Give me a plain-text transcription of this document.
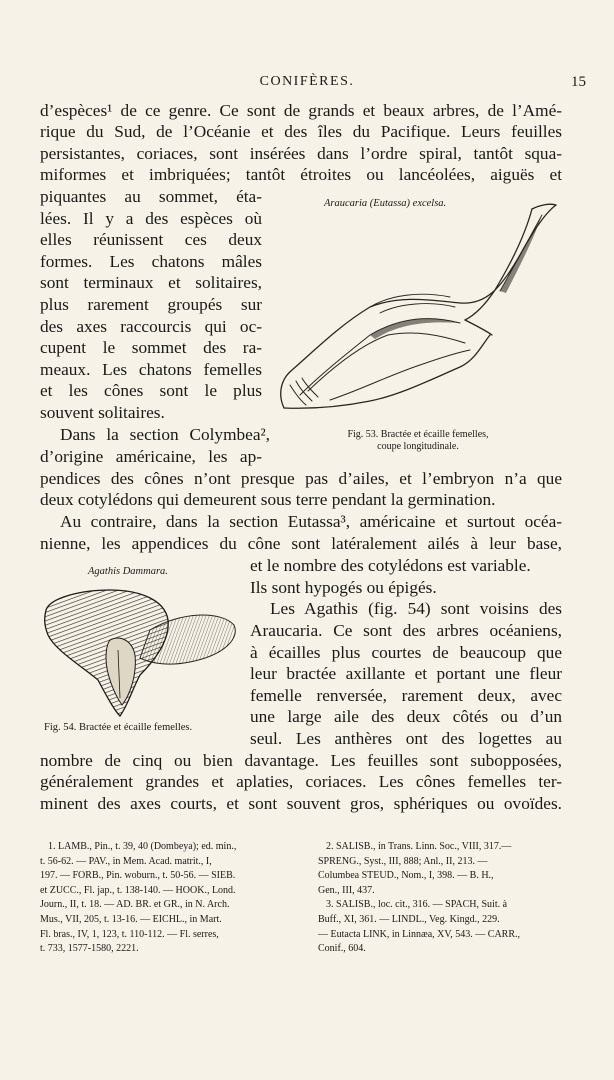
CONIFÈRES.	15
d’espèces¹ de ce genre. Ce sont de grands et beaux arbres, de l’Amé-
rique du Sud, de l’Océanie et des îles du Pacifique. Leurs feuilles
persistantes, coriaces, sont insérées dans l’ordre spiral, tantôt squa-
miformes et imbriquées; tantôt étroites ou lancéolées, aiguës et
piquantes au sommet, éta-
lées. Il y a des espèces où
elles réunissent ces deux
formes. Les chatons mâles
sont terminaux et solitaires,
plus rarement groupés sur
des axes raccourcis qui oc-
cupent le sommet des ra-
meaux. Les chatons femelles
et les cônes sont le plus
souvent solitaires.
Dans la section Colymbea²,
d’origine américaine, les ap-
pendices des cônes n’ont presque pas d’ailes, et l’embryon n’a que
deux cotylédons qui demeurent sous terre pendant la germination.
Au contraire, dans la section Eutassa³, américaine et surtout océa-
nienne, les appendices du cône sont latéralement ailés à leur base,
et le nombre des cotylédons est variable.
Ils sont hypogés ou épigés.
Les Agathis (fig. 54) sont voisins des
Araucaria. Ce sont des arbres océaniens,
à écailles plus courtes de beaucoup que
leur bractée axillante et portant une fleur
femelle renversée, rarement deux, avec
une large aile des deux côtés ou d’un
seul. Les anthères ont des logettes au
nombre de cinq ou bien davantage. Les feuilles sont subopposées,
généralement grandes et aplaties, coriaces. Les cônes femelles ter-
minent des axes courts, et sont souvent gros, sphériques ou ovoïdes.
Araucaria (Eutassa) excelsa.
Fig. 53. Bractée et écaille femelles,
coupe longitudinale.
Agathis Dammara.
Fig. 54. Bractée et écaille femelles.
1. LAMB., Pin., t. 39, 40 (Dombeya); ed. min.,
t. 56-62. — PAV., in Mem. Acad. matrit., I,
197. — FORB., Pin. woburn., t. 50-56. — SIEB.
et ZUCC., Fl. jap., t. 138-140. — HOOK., Lond.
Journ., II, t. 18. — AD. BR. et GR., in N. Arch.
Mus., VII, 205, t. 13-16. — EICHL., in Mart.
Fl. bras., IV, 1, 123, t. 110-112. — Fl. serres,
t. 733, 1577-1580, 2221.
2. SALISB., in Trans. Linn. Soc., VIII, 317.—
SPRENG., Syst., III, 888; Anl., II, 213. —
Columbea STEUD., Nom., I, 398. — B. H.,
Gen., III, 437.
3. SALISB., loc. cit., 316. — SPACH, Suit. à
Buff., XI, 361. — LINDL., Veg. Kingd., 229.
— Eutacta LINK, in Linnæa, XV, 543. — CARR.,
Conif., 604.
